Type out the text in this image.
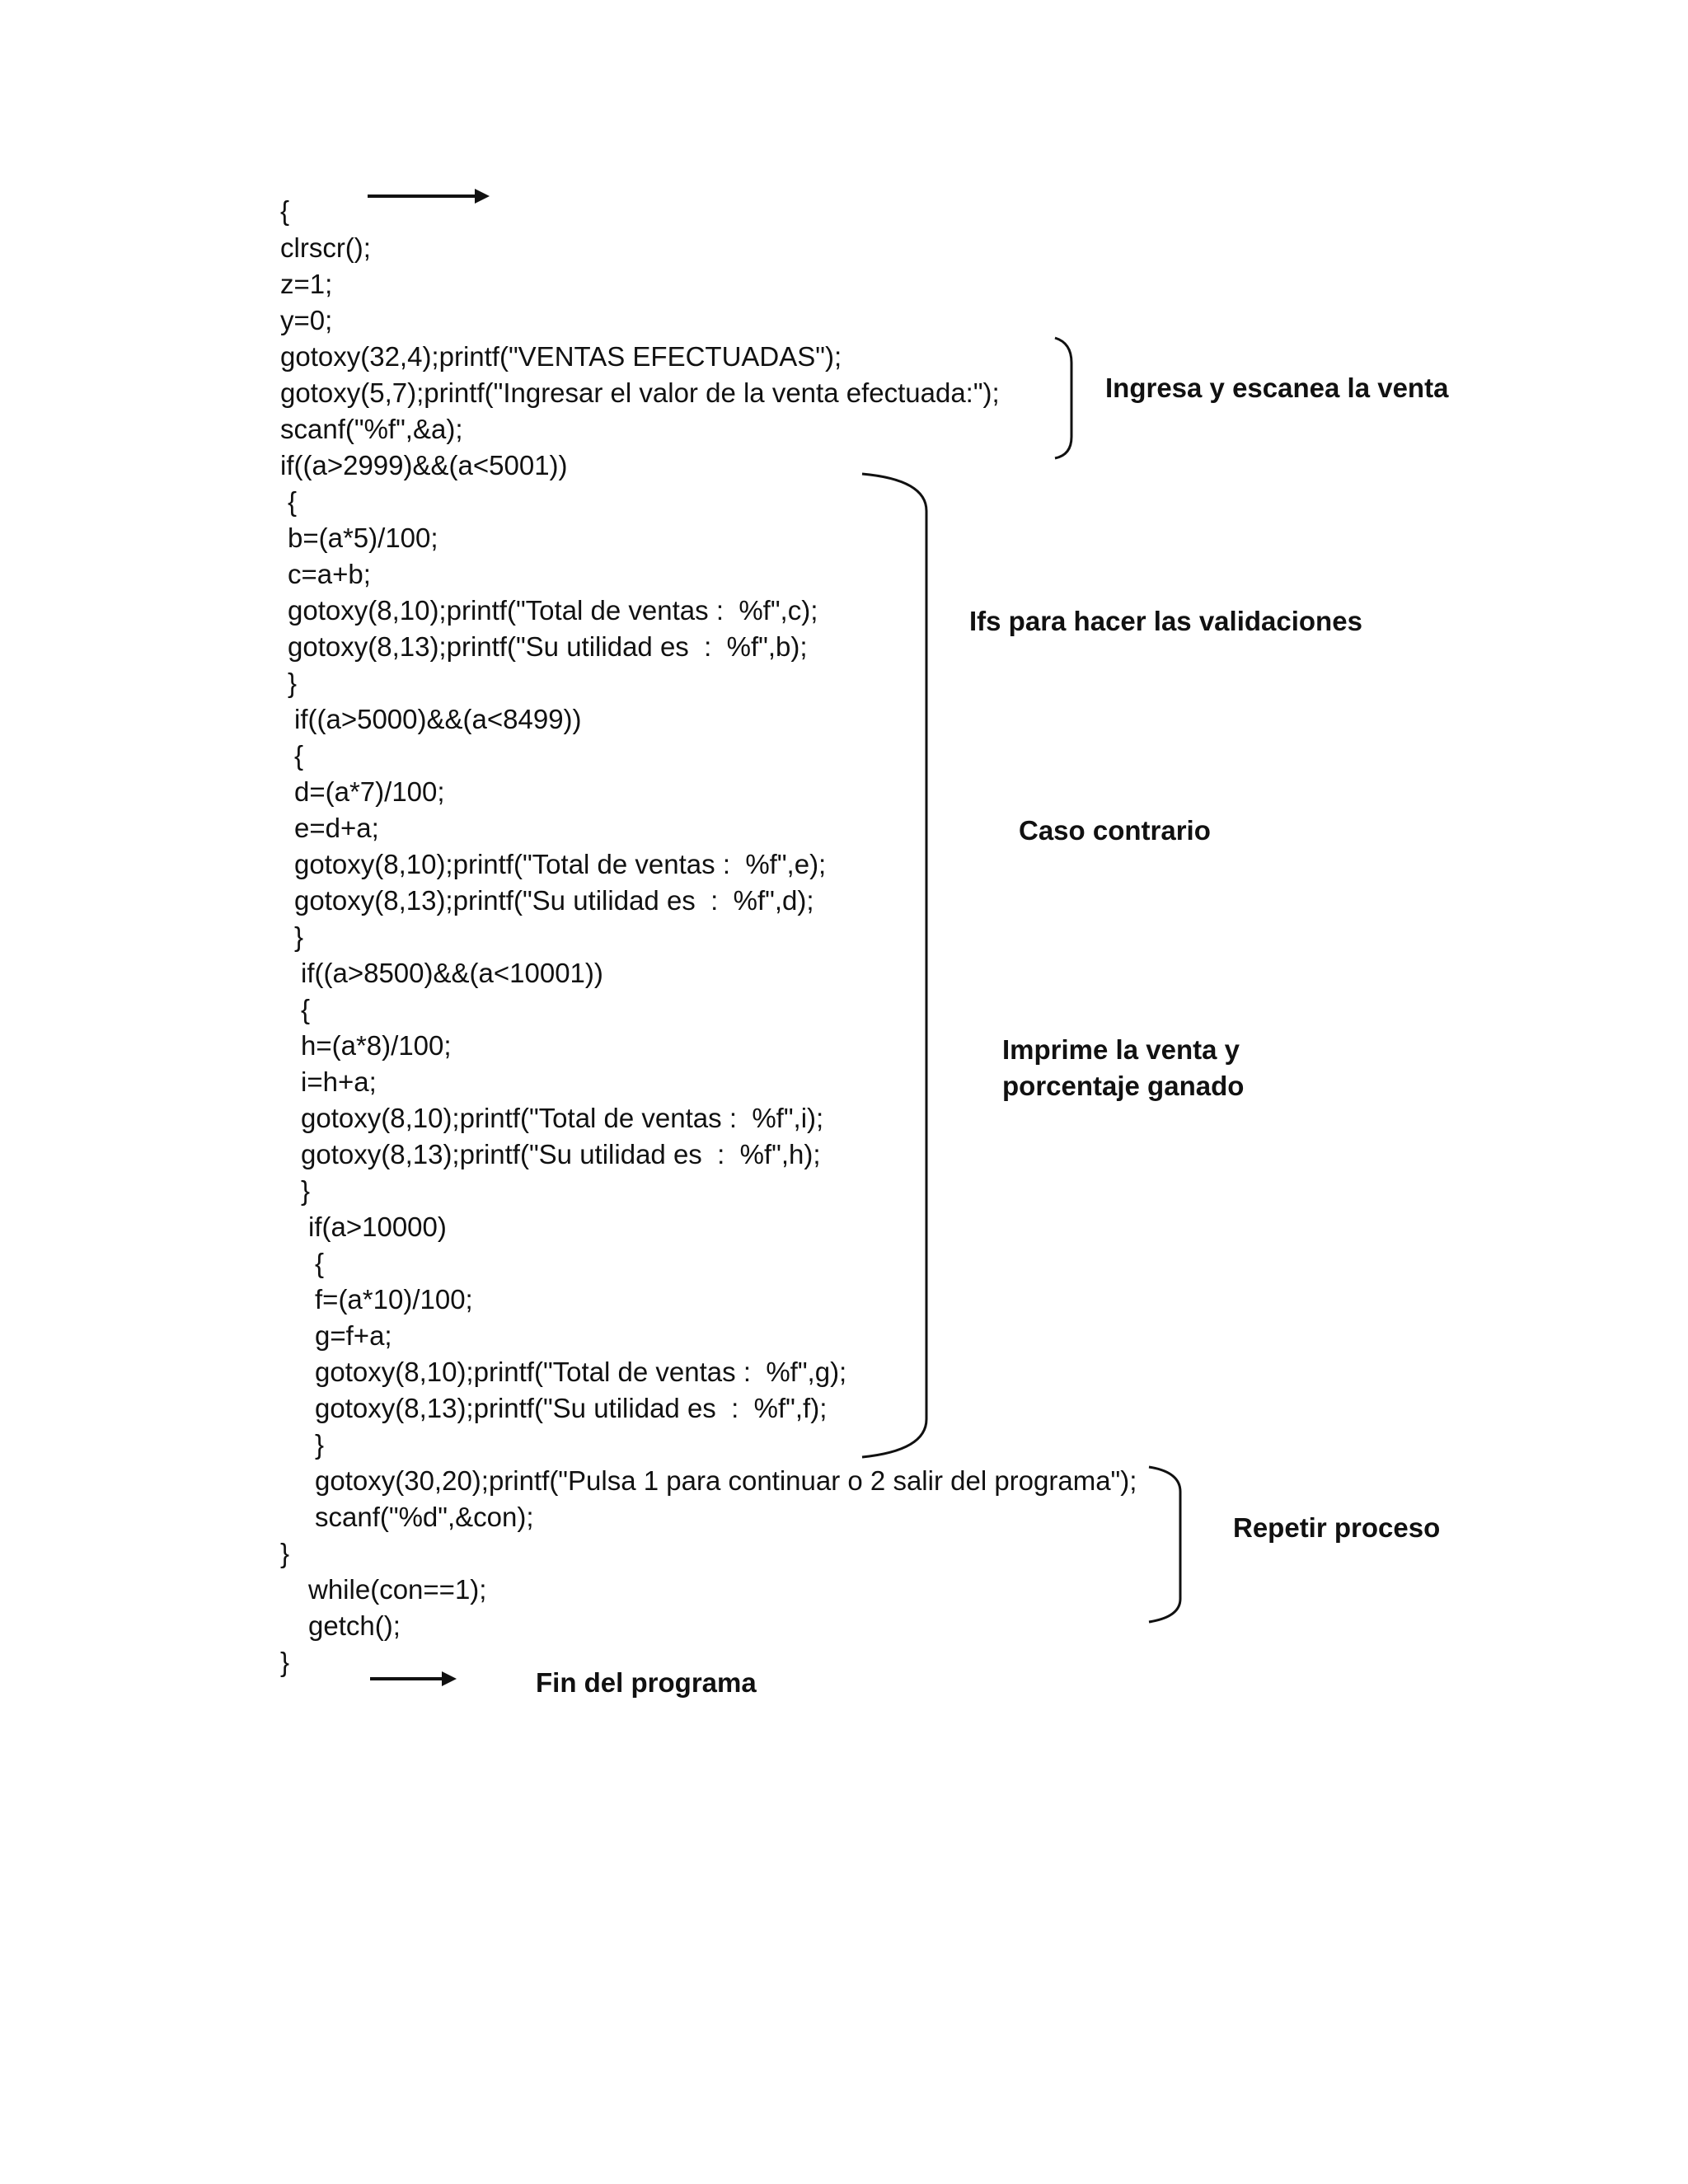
{
clrscr();
z=1;
y=0;
gotoxy(32,4);printf("VENTAS EFECTUADAS");
gotoxy(5,7);printf("Ingresar el valor de la venta efectuada:");
scanf("%f",&a);
if((a>2999)&&(a<5001))
{
b=(a*5)/100;
c=a+b;
gotoxy(8,10);printf("Total de ventas :  %f",c);
gotoxy(8,13);printf("Su utilidad es  :  %f",b);
}
if((a>5000)&&(a<8499))
{
d=(a*7)/100;
e=d+a;
gotoxy(8,10);printf("Total de ventas :  %f",e);
gotoxy(8,13);printf("Su utilidad es  :  %f",d);
}
if((a>8500)&&(a<10001))
{
h=(a*8)/100;
i=h+a;
gotoxy(8,10);printf("Total de ventas :  %f",i);
gotoxy(8,13);printf("Su utilidad es  :  %f",h);
}
if(a>10000)
{
f=(a*10)/100;
g=f+a;
gotoxy(8,10);printf("Total de ventas :  %f",g);
gotoxy(8,13);printf("Su utilidad es  :  %f",f);
}
gotoxy(30,20);printf("Pulsa 1 para continuar o 2 salir del programa");
scanf("%d",&con);
}
while(con==1);
getch();
}
Ingresa y escanea la venta
Ifs para hacer las validaciones
Caso contrario
Imprime la venta y
porcentaje ganado
Repetir proceso
Fin del programa
